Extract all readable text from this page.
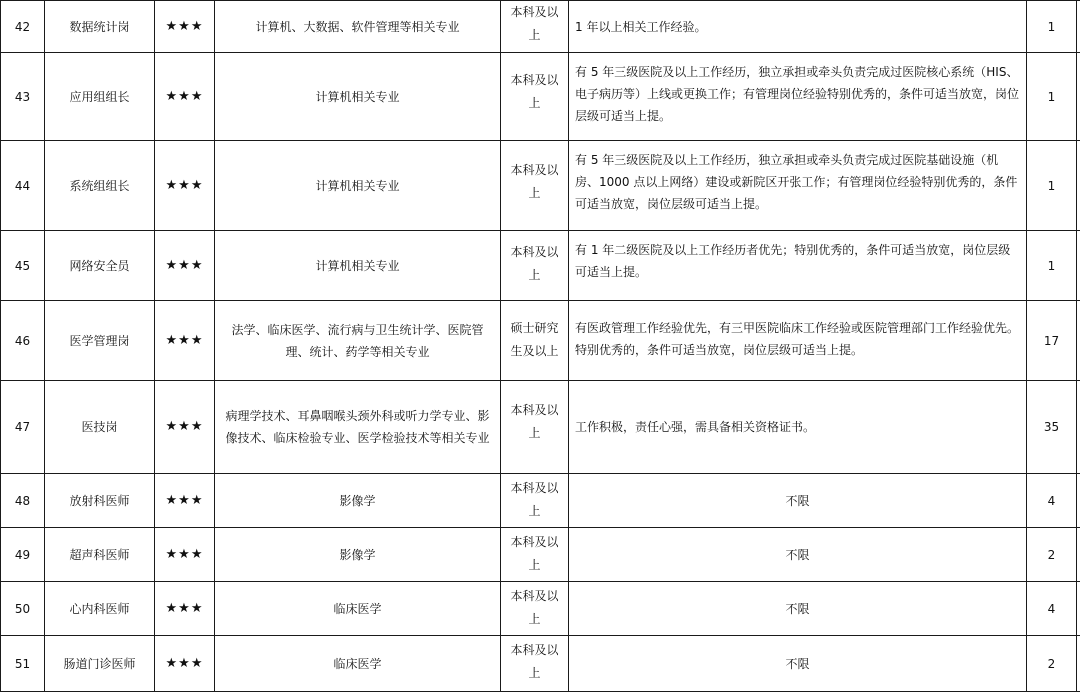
42	数据统计岗	★★★	计算机、大数据、软件管理等相关专业	本科及以上	1 年以上相关工作经验。	1	
43	应用组组长	★★★	计算机相关专业	本科及以上	有 5 年三级医院及以上工作经历，独立承担或牵头负责完成过医院核心系统（HIS、电子病历等）上线或更换工作；有管理岗位经验特别优秀的，条件可适当放宽，岗位层级可适当上提。	1	
44	系统组组长	★★★	计算机相关专业	本科及以上	有 5 年三级医院及以上工作经历，独立承担或牵头负责完成过医院基础设施（机房、1000 点以上网络）建设或新院区开张工作；有管理岗位经验特别优秀的，条件可适当放宽，岗位层级可适当上提。	1	
45	网络安全员	★★★	计算机相关专业	本科及以上	有 1 年二级医院及以上工作经历者优先；特别优秀的，条件可适当放宽，岗位层级可适当上提。	1	
46	医学管理岗	★★★	法学、临床医学、流行病与卫生统计学、医院管理、统计、药学等相关专业	硕士研究生及以上	有医政管理工作经验优先，有三甲医院临床工作经验或医院管理部门工作经验优先。特别优秀的，条件可适当放宽，岗位层级可适当上提。	17	
47	医技岗	★★★	病理学技术、耳鼻咽喉头颈外科或听力学专业、影像技术、临床检验专业、医学检验技术等相关专业	本科及以上	工作积极，责任心强，需具备相关资格证书。	35	
48	放射科医师	★★★	影像学	本科及以上	不限	4	
49	超声科医师	★★★	影像学	本科及以上	不限	2	
50	心内科医师	★★★	临床医学	本科及以上	不限	4	
51	肠道门诊医师	★★★	临床医学	本科及以上	不限	2	
